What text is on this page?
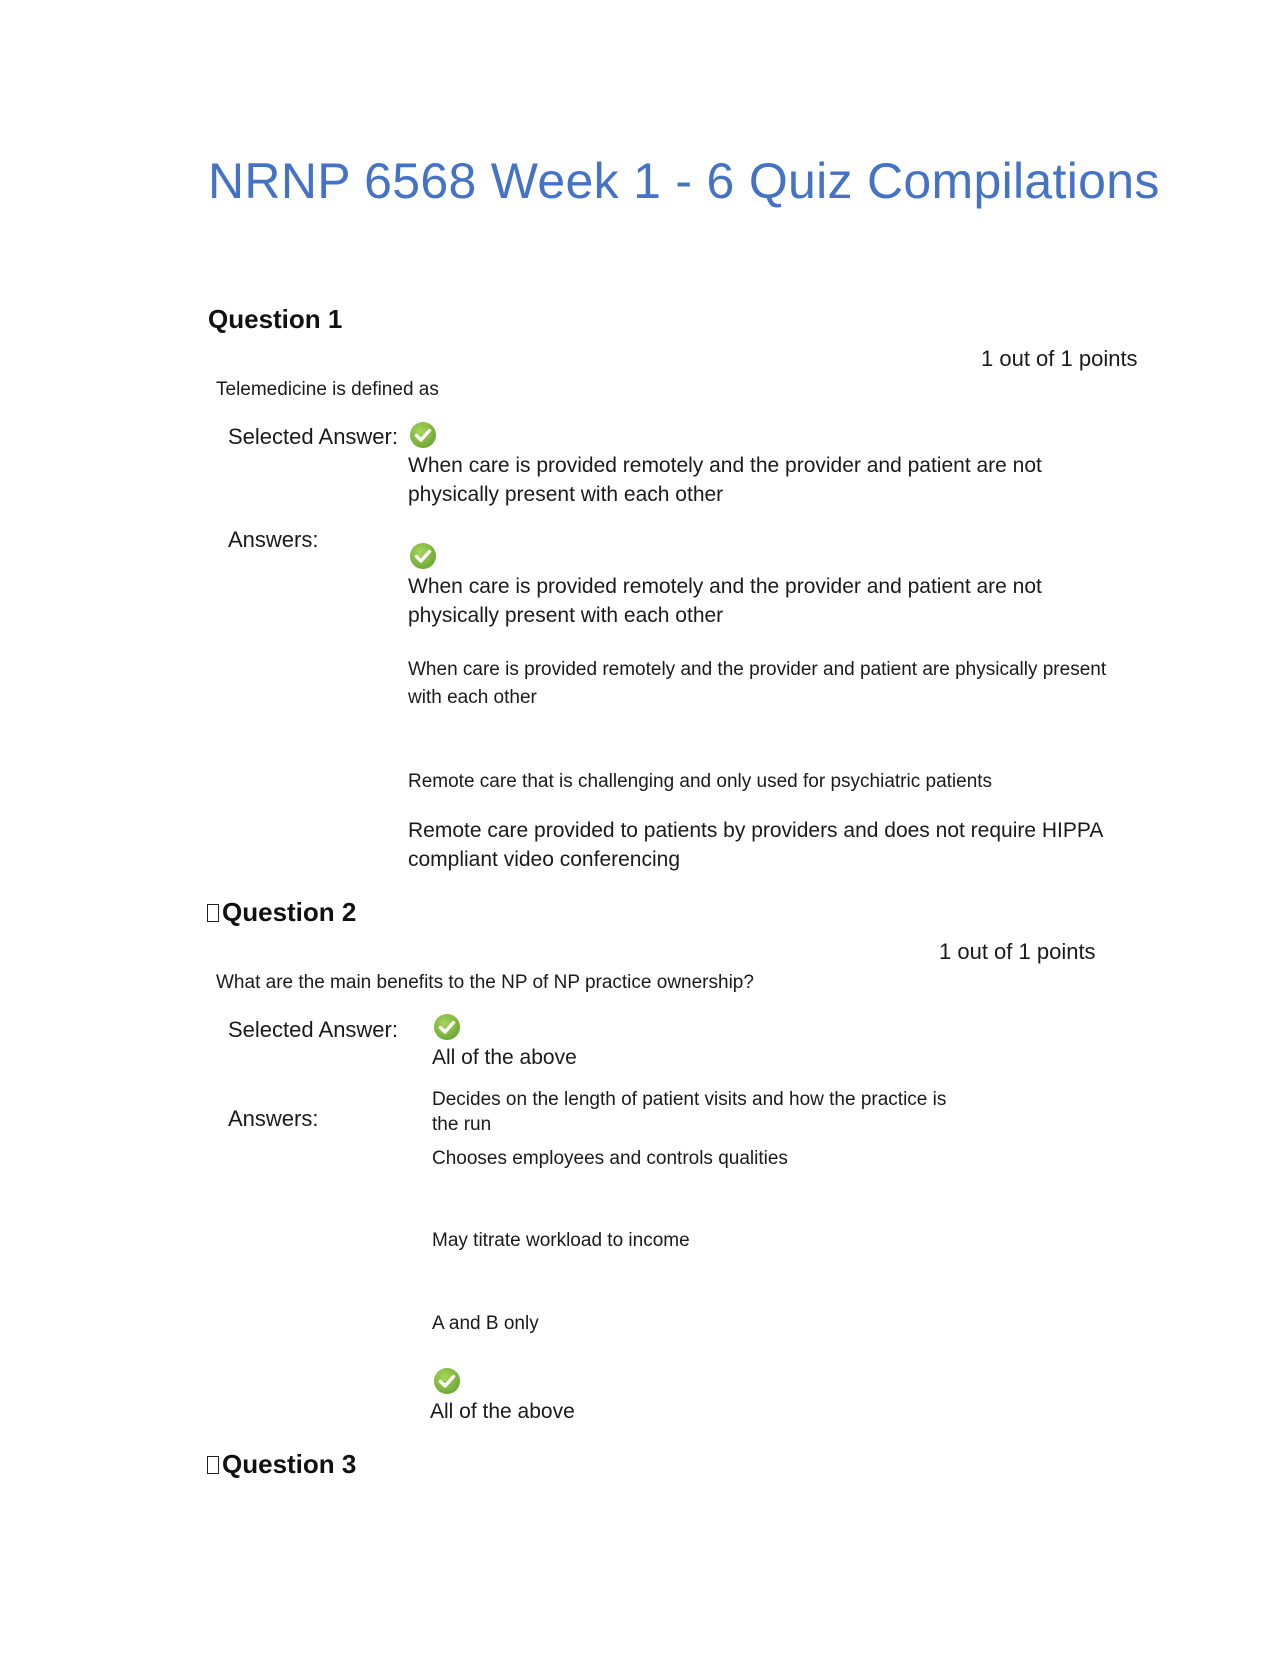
NRNP 6568 Week 1 - 6 Quiz Compilations
Question 1
1 out of 1 points
Telemedicine is defined as
Selected Answer:
When care is provided remotely and the provider and patient are not physically present with each other
Answers:
When care is provided remotely and the provider and patient are not physically present with each other
When care is provided remotely and the provider and patient are physically present with each other
Remote care that is challenging and only used for psychiatric patients
Remote care provided to patients by providers and does not require HIPPA compliant video conferencing
Question 2
1 out of 1 points
What are the main benefits to the NP of NP practice ownership?
Selected Answer:
All of the above
Answers:
Decides on the length of patient visits and how the practice is the run
Chooses employees and controls qualities
May titrate workload to income
A and B only
All of the above
Question 3
